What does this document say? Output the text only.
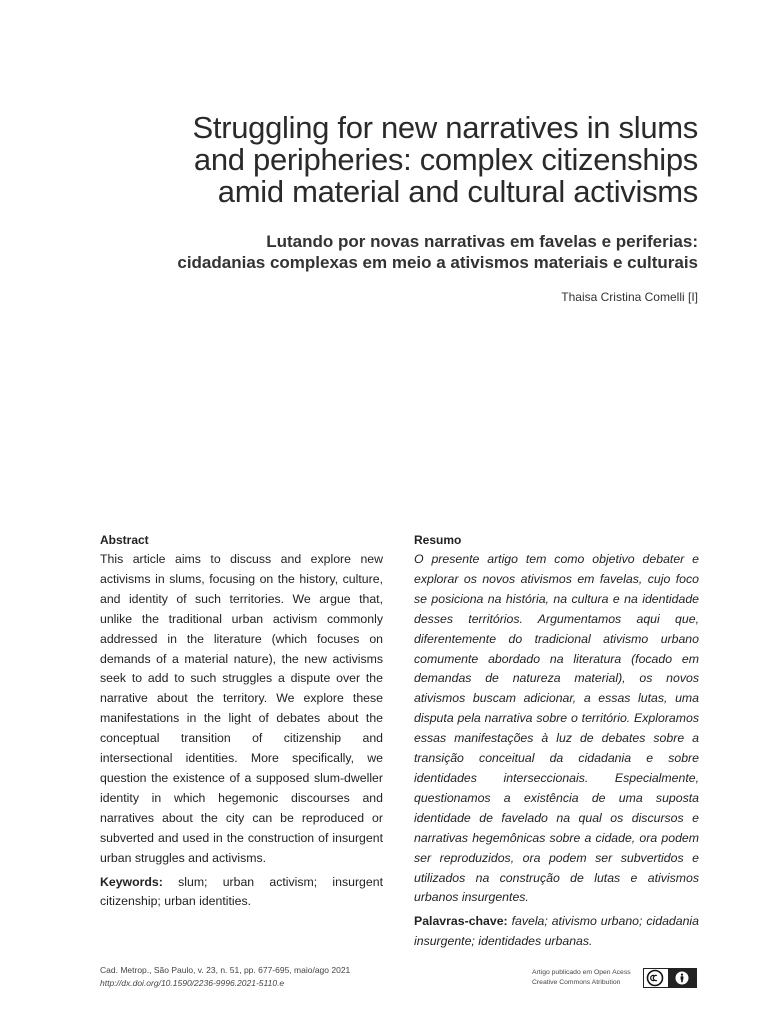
Struggling for new narratives in slums
and peripheries: complex citizenships
amid material and cultural activisms
Lutando por novas narrativas em favelas e periferias:
cidadanias complexas em meio a ativismos materiais e culturais
Thaisa Cristina Comelli [I]
Abstract

This article aims to discuss and explore new activisms in slums, focusing on the history, culture, and identity of such territories. We argue that, unlike the traditional urban activism commonly addressed in the literature (which focuses on demands of a material nature), the new activisms seek to add to such struggles a dispute over the narrative about the territory. We explore these manifestations in the light of debates about the conceptual transition of citizenship and intersectional identities. More specifically, we question the existence of a supposed slum-dweller identity in which hegemonic discourses and narratives about the city can be reproduced or subverted and used in the construction of insurgent urban struggles and activisms.

Keywords: slum; urban activism; insurgent citizenship; urban identities.

Resumo

O presente artigo tem como objetivo debater e explorar os novos ativismos em favelas, cujo foco se posiciona na história, na cultura e na identidade desses territórios. Argumentamos aqui que, diferentemente do tradicional ativismo urbano comumente abordado na literatura (focado em demandas de natureza material), os novos ativismos buscam adicionar, a essas lutas, uma disputa pela narrativa sobre o território. Exploramos essas manifestações à luz de debates sobre a transição conceitual da cidadania e sobre identidades interseccionais. Especialmente, questionamos a existência de uma suposta identidade de favelado na qual os discursos e narrativas hegemônicas sobre a cidade, ora podem ser reproduzidos, ora podem ser subvertidos e utilizados na construção de lutas e ativismos urbanos insurgentes.

Palavras-chave: favela; ativismo urbano; cidadania insurgente; identidades urbanas.

Cad. Metrop., São Paulo, v. 23, n. 51, pp. 677-695, maio/ago 2021
http://dx.doi.org/10.1590/2236-9996.2021-5110.e
Artigo publicado em Open Acess
Creative Commons Atribution
